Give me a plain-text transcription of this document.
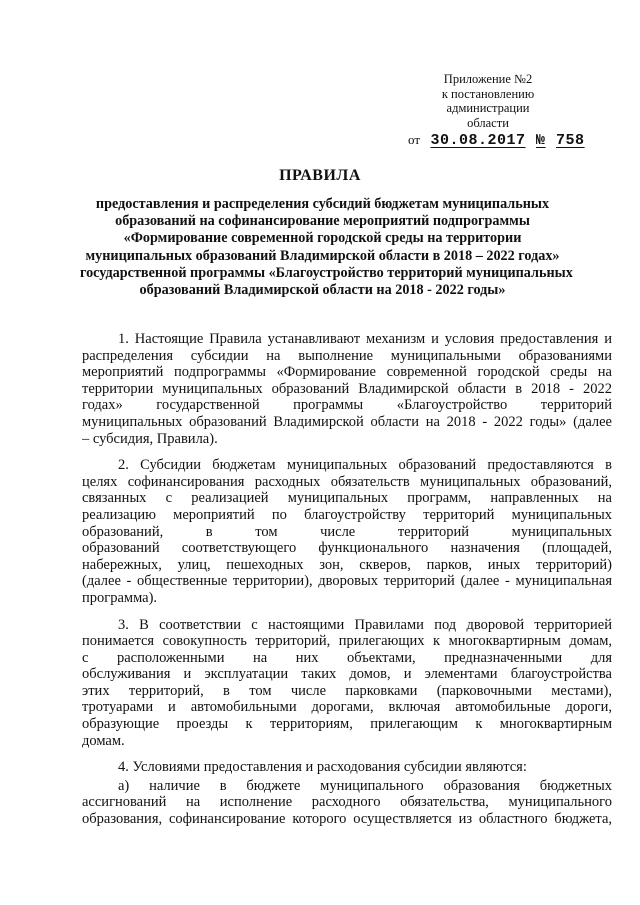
Приложение №2
к постановлению
администрации
области
от 30.08.2017 № 758
ПРАВИЛА
предоставления и распределения субсидий бюджетам муниципальных
образований на софинансирование мероприятий подпрограммы
«Формирование современной городской среды на территории
муниципальных образований Владимирской области в 2018 – 2022 годах»
государственной программы «Благоустройство территорий муниципальных
образований Владимирской области на 2018 - 2022 годы»
1. Настоящие Правила устанавливают механизм и условия предоставления и
распределения субсидии на выполнение муниципальными образованиями
мероприятий подпрограммы «Формирование современной городской среды на
территории муниципальных образований Владимирской области в 2018 - 2022
годах» государственной программы «Благоустройство территорий
муниципальных образований Владимирской области на 2018 - 2022 годы» (далее
– субсидия, Правила).
2. Субсидии бюджетам муниципальных образований предоставляются в
целях софинансирования расходных обязательств муниципальных образований,
связанных с реализацией муниципальных программ, направленных на
реализацию мероприятий по благоустройству территорий муниципальных
образований, в том числе территорий муниципальных
образований соответствующего функционального назначения (площадей,
набережных, улиц, пешеходных зон, скверов, парков, иных территорий)
(далее - общественные территории), дворовых территорий (далее - муниципальная
программа).
3. В соответствии с настоящими Правилами под дворовой территорией
понимается совокупность территорий, прилегающих к многоквартирным домам,
с расположенными на них объектами, предназначенными для
обслуживания и эксплуатации таких домов, и элементами благоустройства
этих территорий, в том числе парковками (парковочными местами),
тротуарами и автомобильными дорогами, включая автомобильные дороги,
образующие проезды к территориям, прилегающим к многоквартирным
домам.
4. Условиями предоставления и расходования субсидии являются:
а) наличие в бюджете муниципального образования бюджетных
ассигнований на исполнение расходного обязательства, муниципального
образования, софинансирование которого осуществляется из областного бюджета,
